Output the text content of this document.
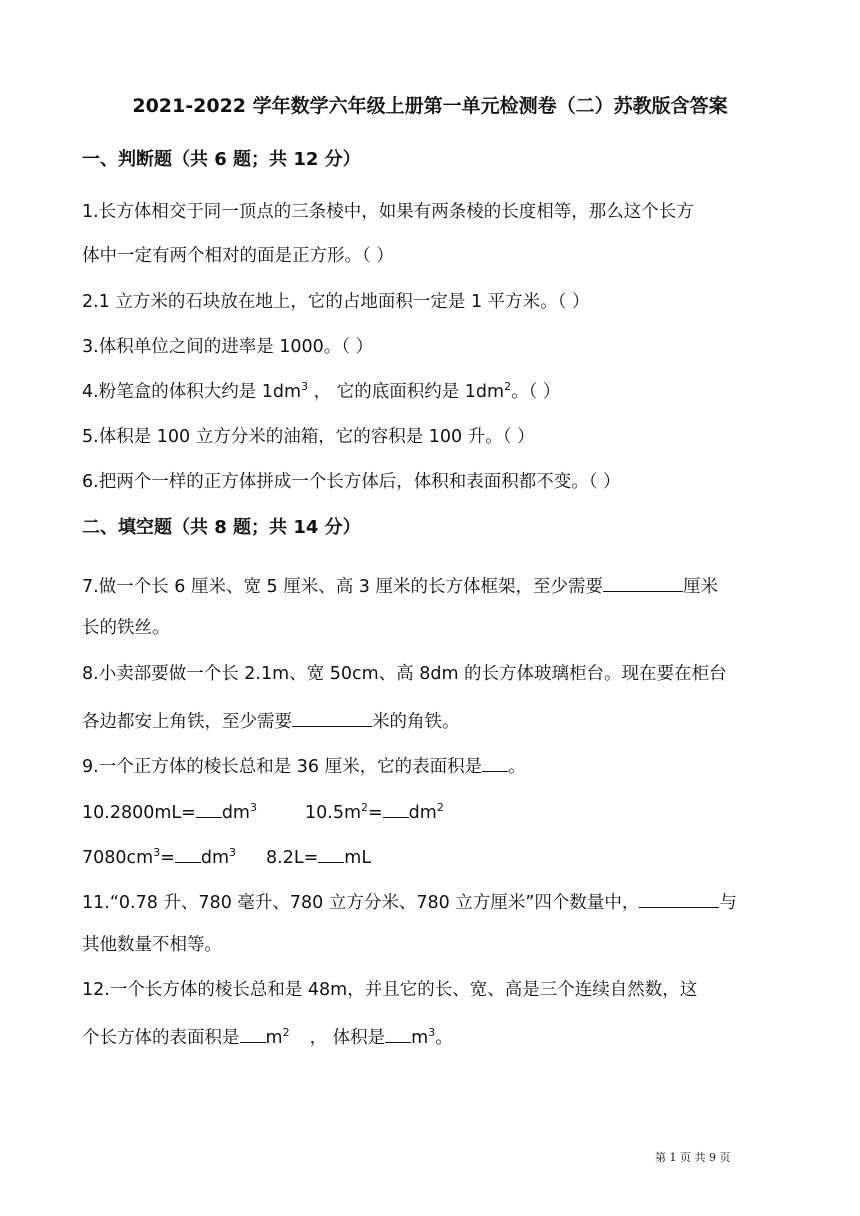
2021-2022 学年数学六年级上册第一单元检测卷（二）苏教版含答案
一、判断题（共 6 题；共 12 分）
1.长方体相交于同一顶点的三条棱中，如果有两条棱的长度相等，那么这个长方
体中一定有两个相对的面是正方形。（ ）
2.1 立方米的石块放在地上，它的占地面积一定是 1 平方米。（ ）
3.体积单位之间的进率是 1000。（ ）
4.粉笔盒的体积大约是 $1dm^3$ ， 它的底面积约是 $1dm^2$。（ ）
5.体积是 100 立方分米的油箱，它的容积是 100 升。（ ）
6.把两个一样的正方体拼成一个长方体后，体积和表面积都不变。（ ）
二、填空题（共 8 题；共 14 分）
7.做一个长 6 厘米、宽 5 厘米、高 3 厘米的长方体框架，至少需要	厘米
长的铁丝。
8.小卖部要做一个长 2.1m、宽 50cm、高 8dm 的长方体玻璃柜台。现在要在柜台
各边都安上角铁，至少需要	米的角铁。
9.一个正方体的棱长总和是 36 厘米，它的表面积是 。
$10.2800mL= dm^3$	$10.5m^2= dm^2$
$7080cm^3= dm^3$ 8.2L= mL
11.“0.78 升、780 毫升、780 立方分米、780 立方厘米”四个数量中，	与
其他数量不相等。
12.一个长方体的棱长总和是 48m，并且它的长、宽、高是三个连续自然数，这
个长方体的表面积是 $m^2$ ， 体积是 $m^3$。
第 1 页 共 9 页
